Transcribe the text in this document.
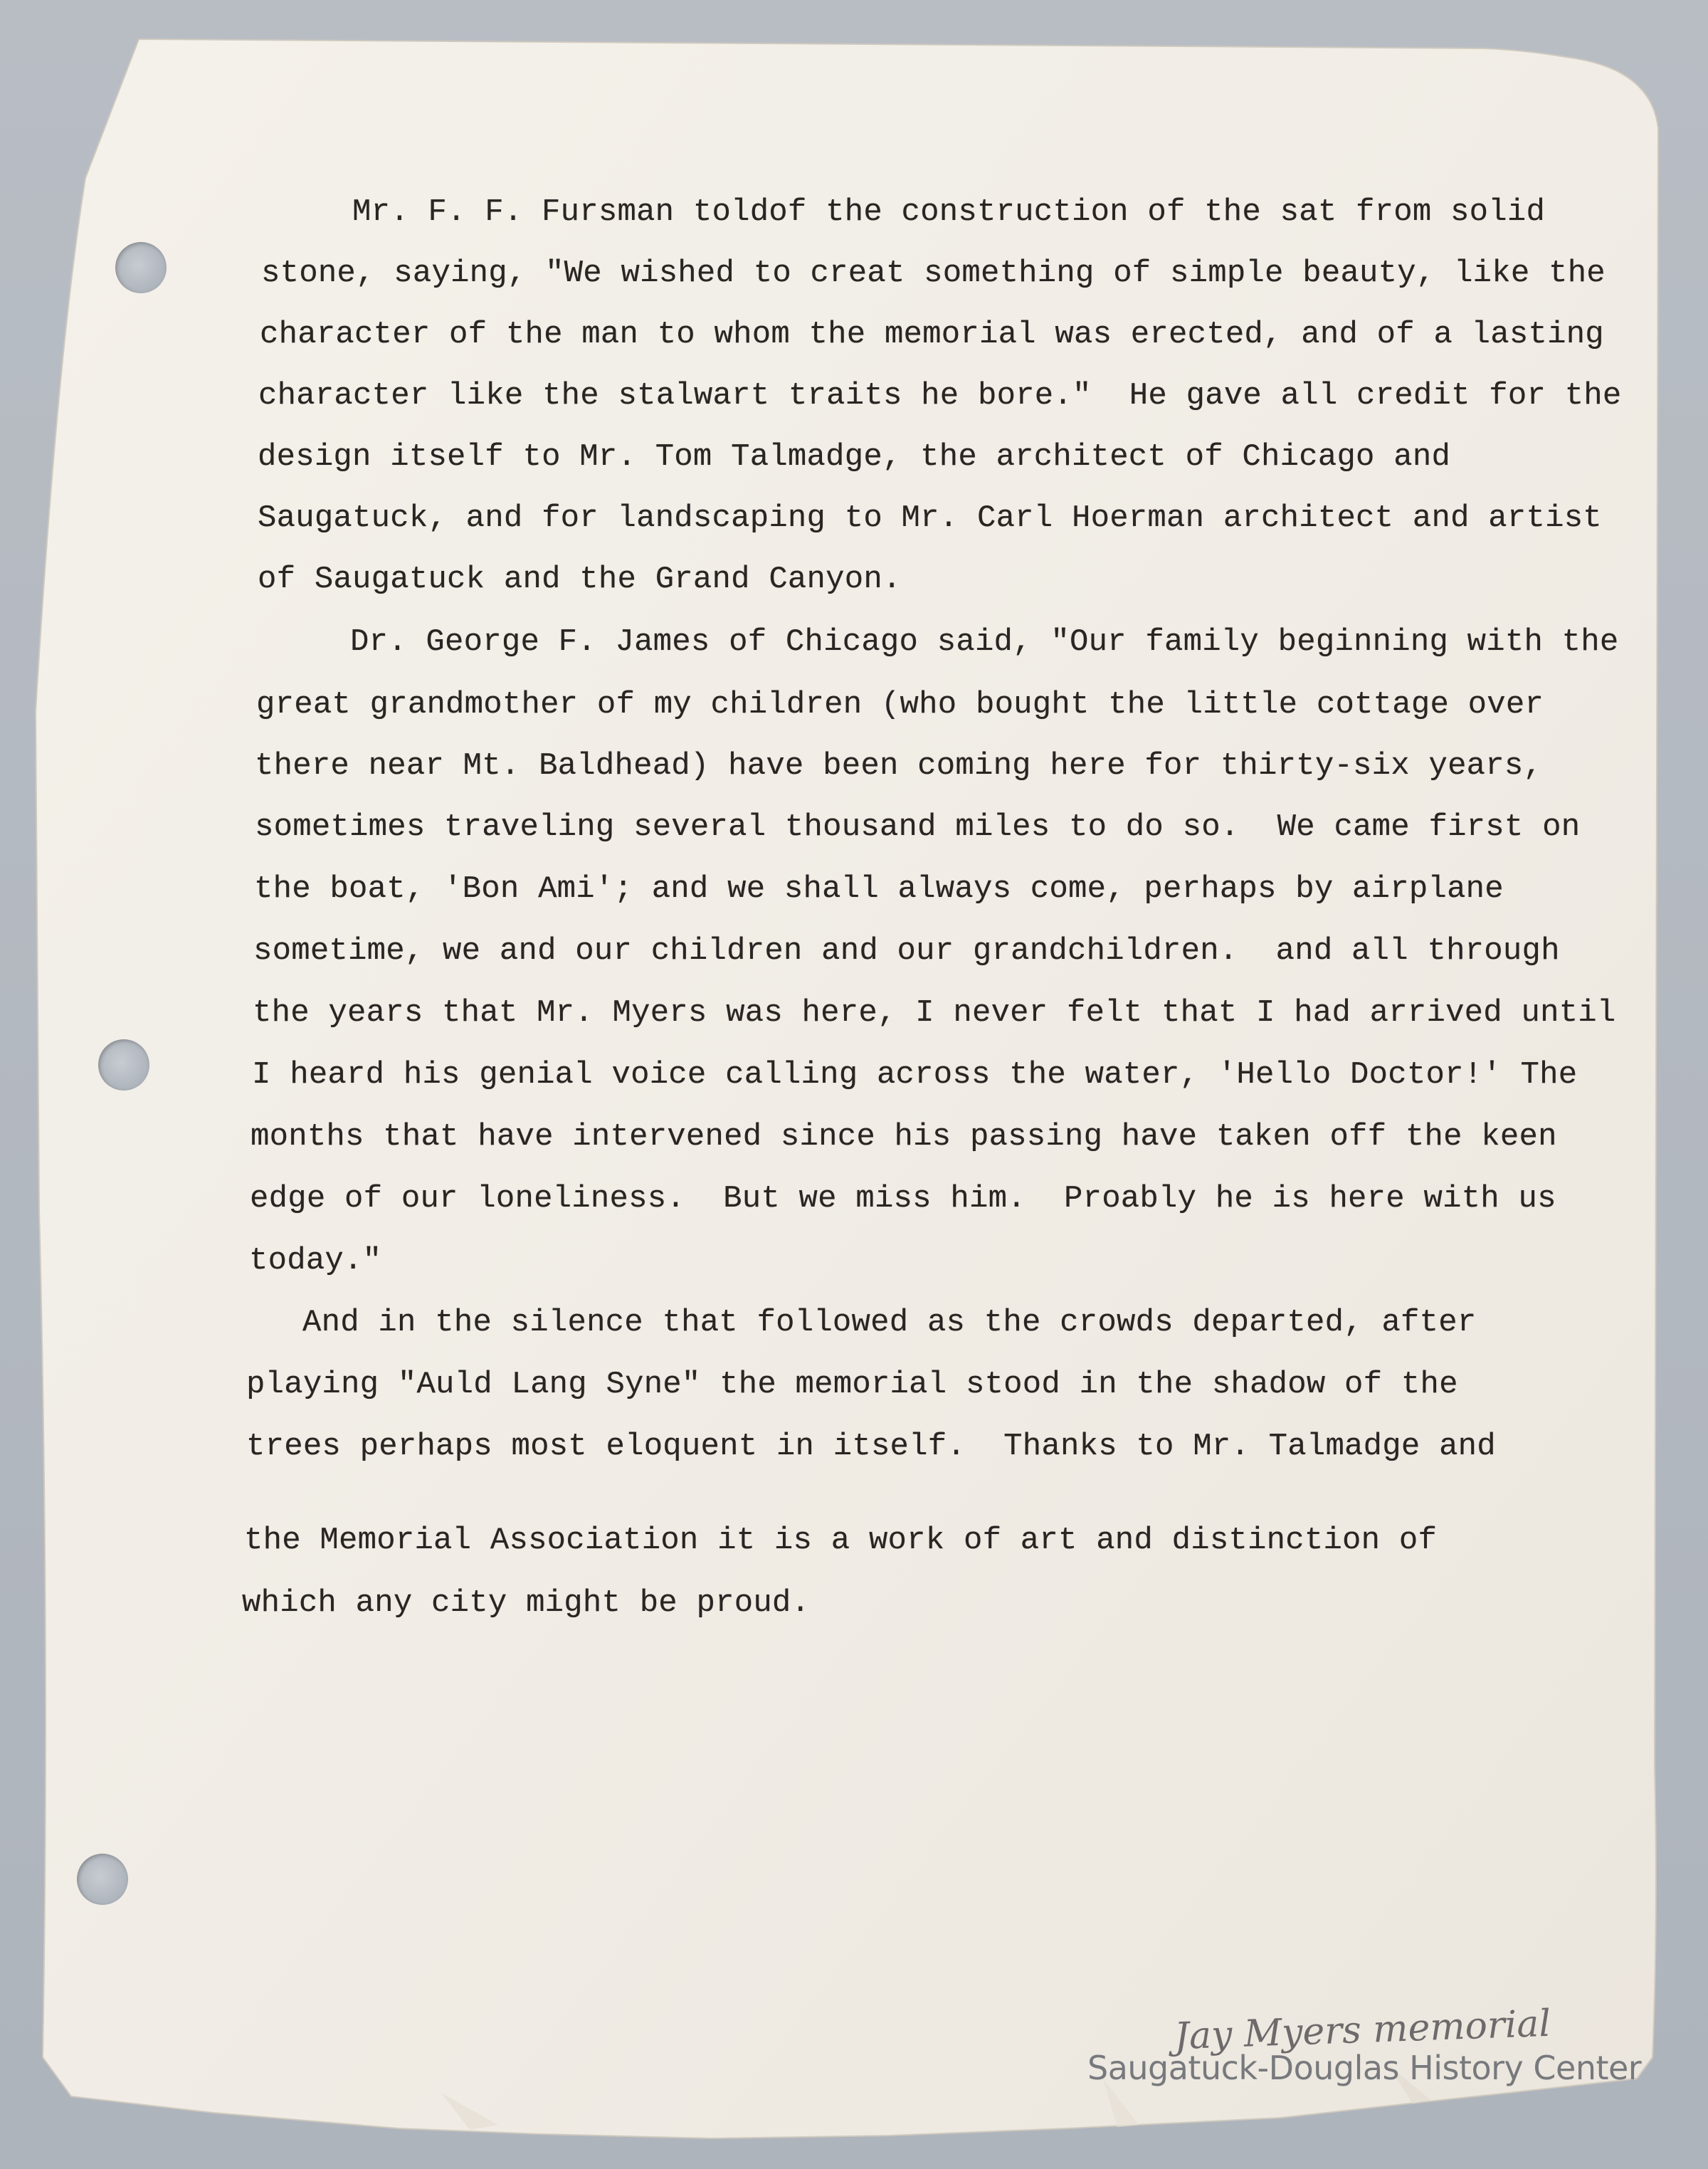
Mr. F. F. Fursman toldof the construction of the sat from solid

stone, saying, "We wished to creat something of simple beauty, like the

character of the man to whom the memorial was erected, and of a lasting

character like the stalwart traits he bore."  He gave all credit for the

design itself to Mr. Tom Talmadge, the architect of Chicago and

Saugatuck, and for landscaping to Mr. Carl Hoerman architect and artist

of Saugatuck and the Grand Canyon.

Dr. George F. James of Chicago said, "Our family beginning with the

great grandmother of my children (who bought the little cottage over

there near Mt. Baldhead) have been coming here for thirty-six years,

sometimes traveling several thousand miles to do so.  We came first on

the boat, 'Bon Ami'; and we shall always come, perhaps by airplane

sometime, we and our children and our grandchildren.  and all through

the years that Mr. Myers was here, I never felt that I had arrived until

I heard his genial voice calling across the water, 'Hello Doctor!' The

months that have intervened since his passing have taken off the keen

edge of our loneliness.  But we miss him.  Proably he is here with us

today."

And in the silence that followed as the crowds departed, after

playing "Auld Lang Syne" the memorial stood in the shadow of the

trees perhaps most eloquent in itself.  Thanks to Mr. Talmadge and

the Memorial Association it is a work of art and distinction of

which any city might be proud.

Jay Myers memorial
Saugatuck-Douglas History Center
